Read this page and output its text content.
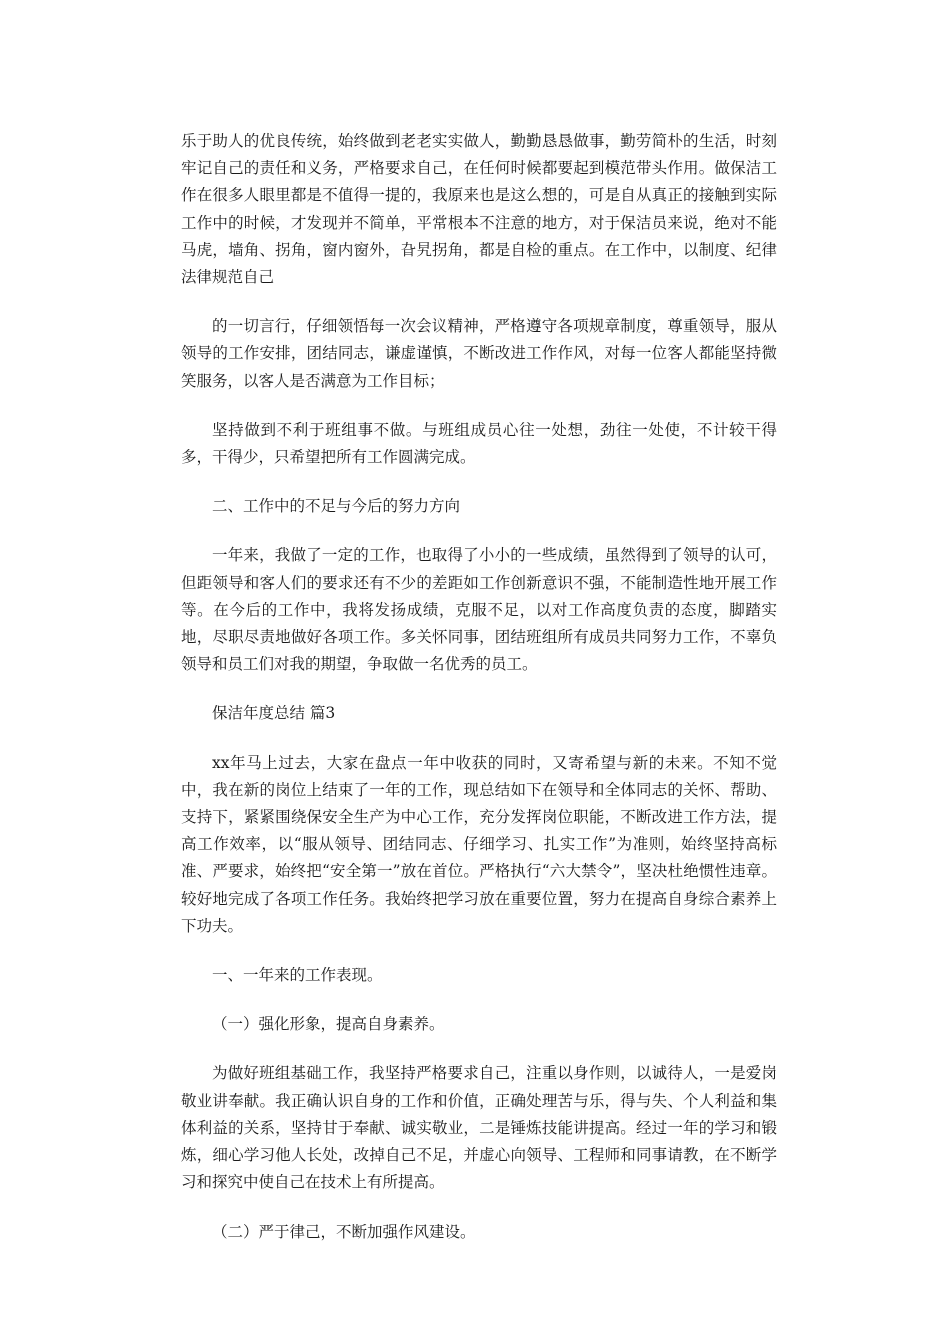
乐于助人的优良传统，始终做到老老实实做人，勤勤恳恳做事，勤劳简朴的生活，时刻牢记自己的责任和义务，严格要求自己，在任何时候都要起到模范带头作用。做保洁工作在很多人眼里都是不值得一提的，我原来也是这么想的，可是自从真正的接触到实际工作中的时候，才发现并不简单，平常根本不注意的地方，对于保洁员来说，绝对不能马虎，墙角、拐角，窗内窗外，旮旯拐角，都是自检的重点。在工作中，以制度、纪律法律规范自己

的一切言行，仔细领悟每一次会议精神，严格遵守各项规章制度，尊重领导，服从领导的工作安排，团结同志，谦虚谨慎，不断改进工作作风，对每一位客人都能坚持微笑服务，以客人是否满意为工作目标；

坚持做到不利于班组事不做。与班组成员心往一处想，劲往一处使，不计较干得多，干得少，只希望把所有工作圆满完成。

二、工作中的不足与今后的努力方向

一年来，我做了一定的工作，也取得了小小的一些成绩，虽然得到了领导的认可，但距领导和客人们的要求还有不少的差距如工作创新意识不强，不能制造性地开展工作等。在今后的工作中，我将发扬成绩，克服不足，以对工作高度负责的态度，脚踏实地，尽职尽责地做好各项工作。多关怀同事，团结班组所有成员共同努力工作，不辜负领导和员工们对我的期望，争取做一名优秀的员工。

保洁年度总结 篇3

xx年马上过去，大家在盘点一年中收获的同时，又寄希望与新的未来。不知不觉中，我在新的岗位上结束了一年的工作，现总结如下在领导和全体同志的关怀、帮助、支持下，紧紧围绕保安全生产为中心工作，充分发挥岗位职能，不断改进工作方法，提高工作效率，以“服从领导、团结同志、仔细学习、扎实工作”为准则，始终坚持高标准、严要求，始终把“安全第一”放在首位。严格执行“六大禁令”，坚决杜绝惯性违章。较好地完成了各项工作任务。我始终把学习放在重要位置，努力在提高自身综合素养上下功夫。

一、一年来的工作表现。

（一）强化形象，提高自身素养。

为做好班组基础工作，我坚持严格要求自己，注重以身作则，以诚待人，一是爱岗敬业讲奉献。我正确认识自身的工作和价值，正确处理苦与乐，得与失、个人利益和集体利益的关系，坚持甘于奉献、诚实敬业，二是锤炼技能讲提高。经过一年的学习和锻炼，细心学习他人长处，改掉自己不足，并虚心向领导、工程师和同事请教，在不断学习和探究中使自己在技术上有所提高。

（二）严于律己，不断加强作风建设。
